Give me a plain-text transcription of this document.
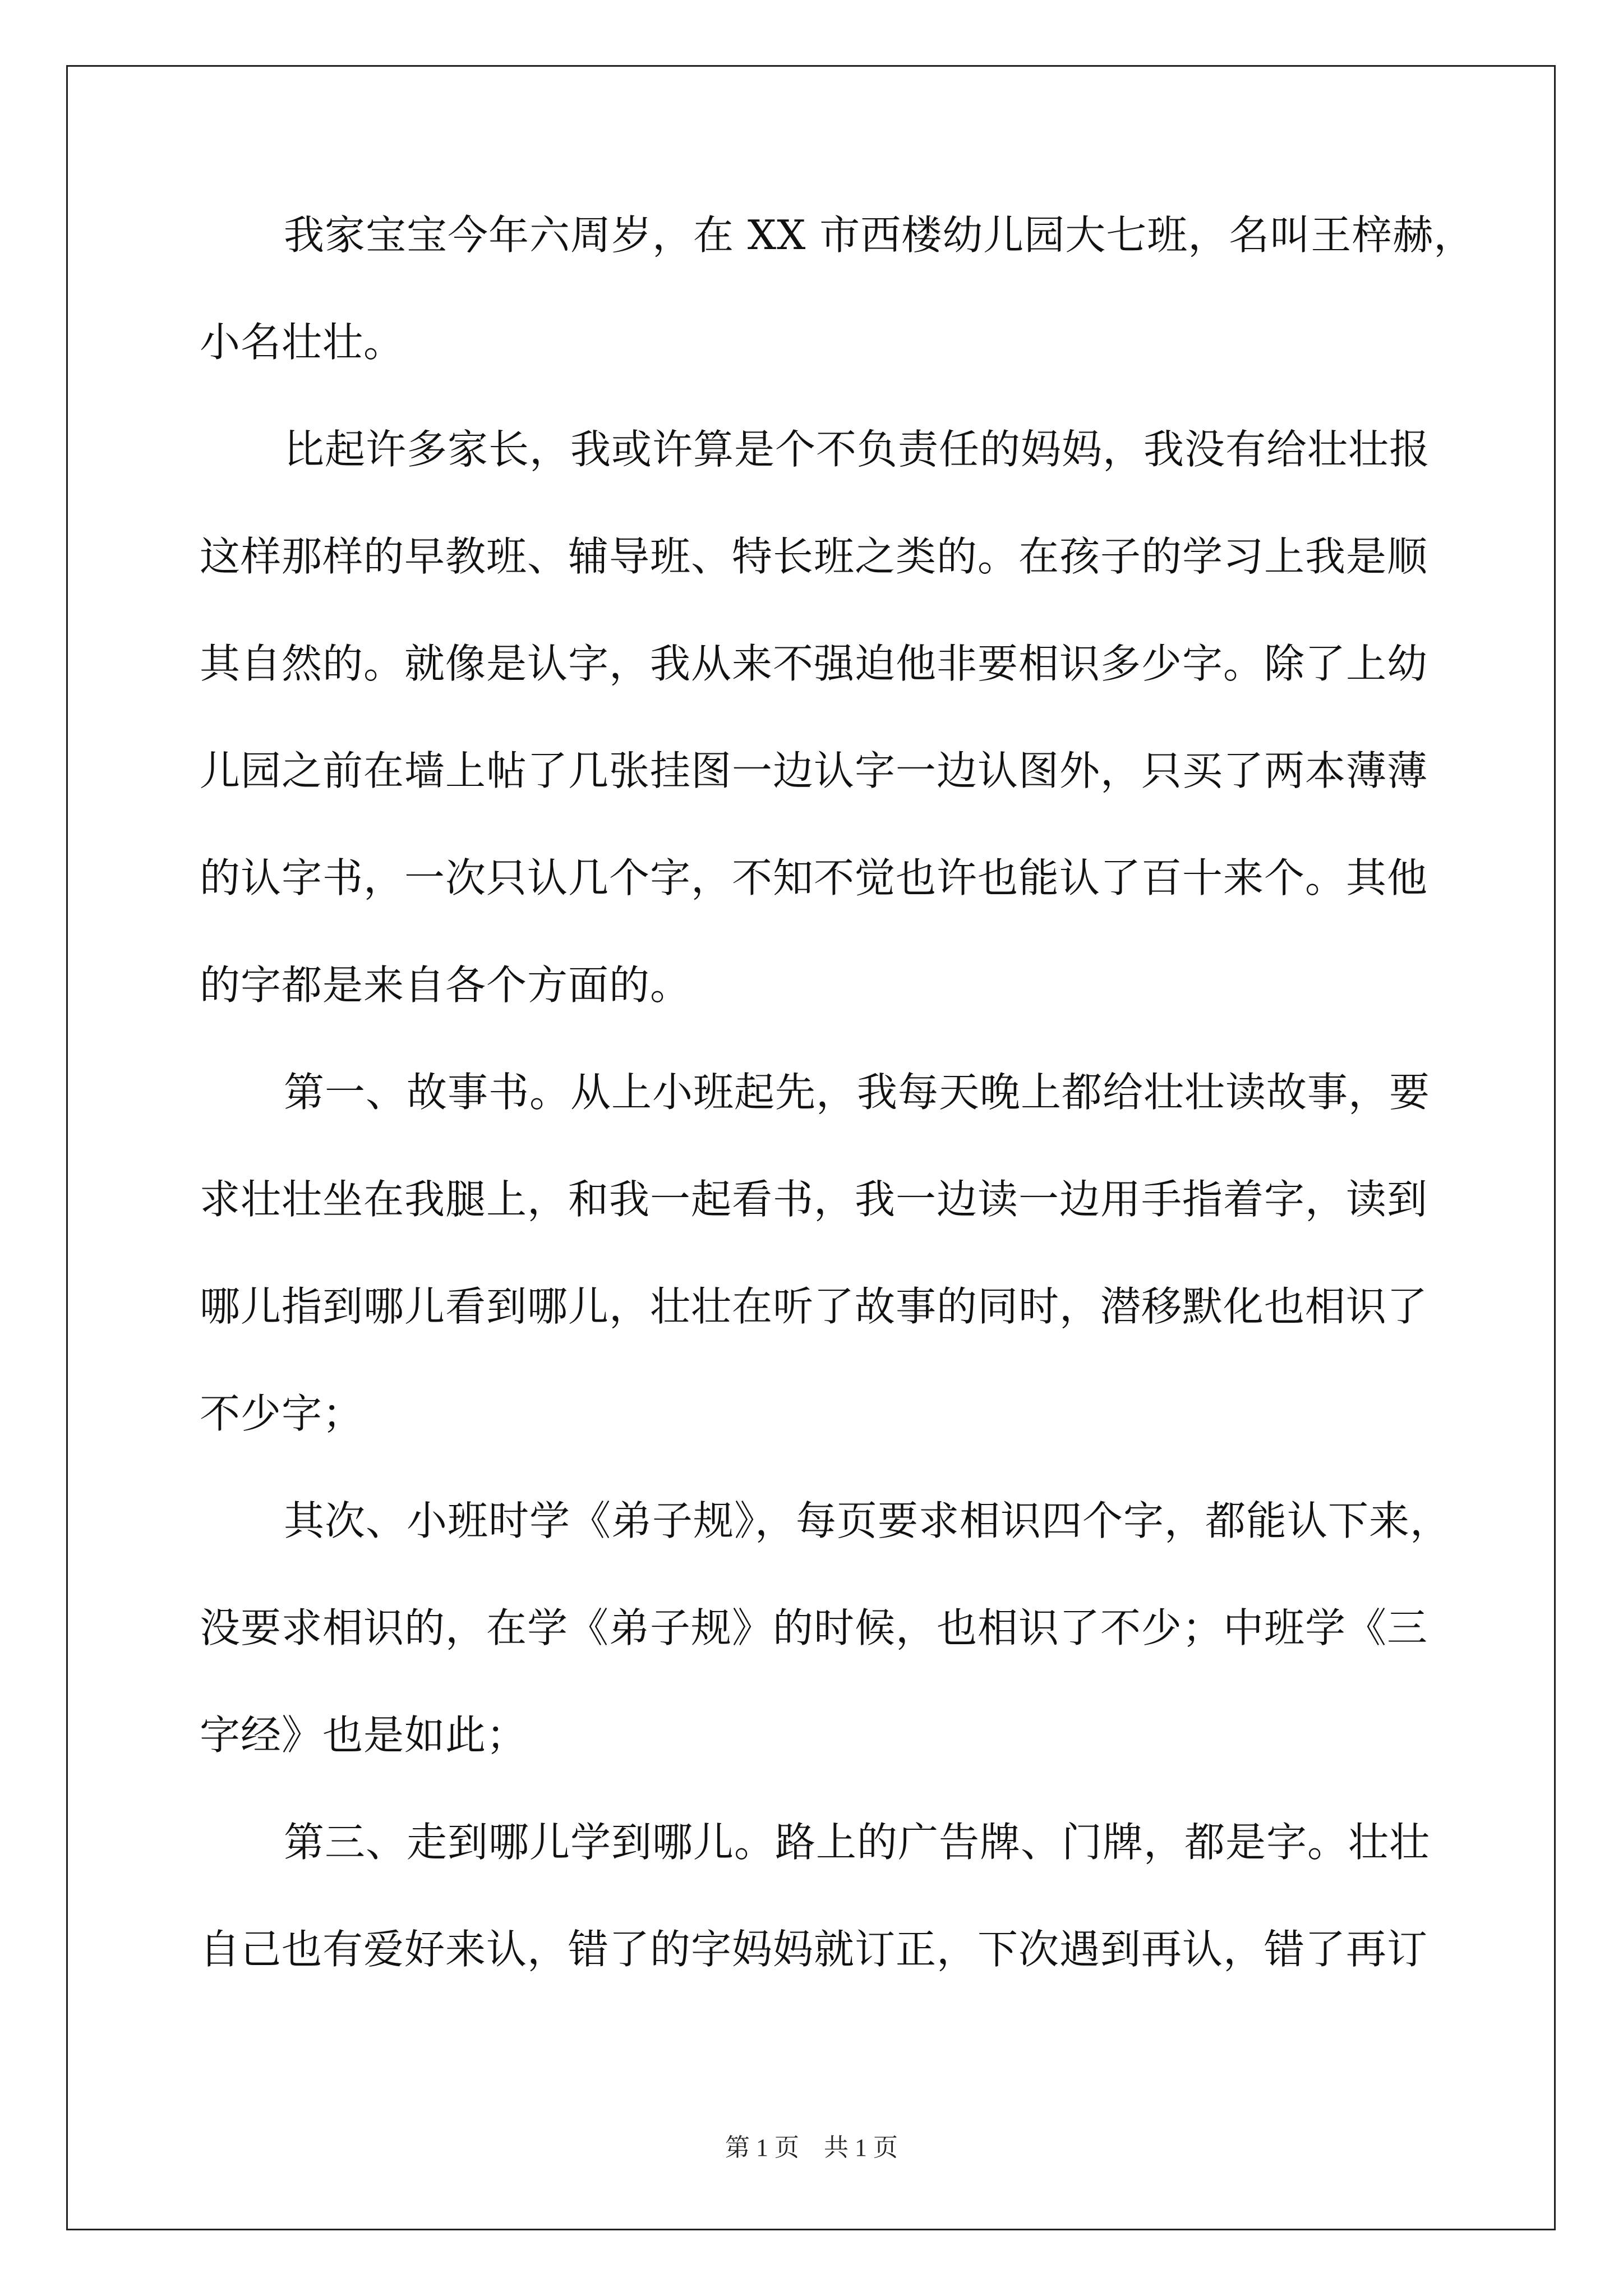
我家宝宝今年六周岁，在 XX 市西楼幼儿园大七班，名叫王梓赫，
小名壮壮。
比起许多家长，我或许算是个不负责任的妈妈，我没有给壮壮报
这样那样的早教班、辅导班、特长班之类的。在孩子的学习上我是顺
其自然的。就像是认字，我从来不强迫他非要相识多少字。除了上幼
儿园之前在墙上帖了几张挂图一边认字一边认图外，只买了两本薄薄
的认字书，一次只认几个字，不知不觉也许也能认了百十来个。其他
的字都是来自各个方面的。
第一、故事书。从上小班起先，我每天晚上都给壮壮读故事，要
求壮壮坐在我腿上，和我一起看书，我一边读一边用手指着字，读到
哪儿指到哪儿看到哪儿，壮壮在听了故事的同时，潜移默化也相识了
不少字；
其次、小班时学《弟子规》，每页要求相识四个字，都能认下来，
没要求相识的，在学《弟子规》的时候，也相识了不少；中班学《三
字经》也是如此；
第三、走到哪儿学到哪儿。路上的广告牌、门牌，都是字。壮壮
自己也有爱好来认，错了的字妈妈就订正，下次遇到再认，错了再订
第 1 页    共 1 页
